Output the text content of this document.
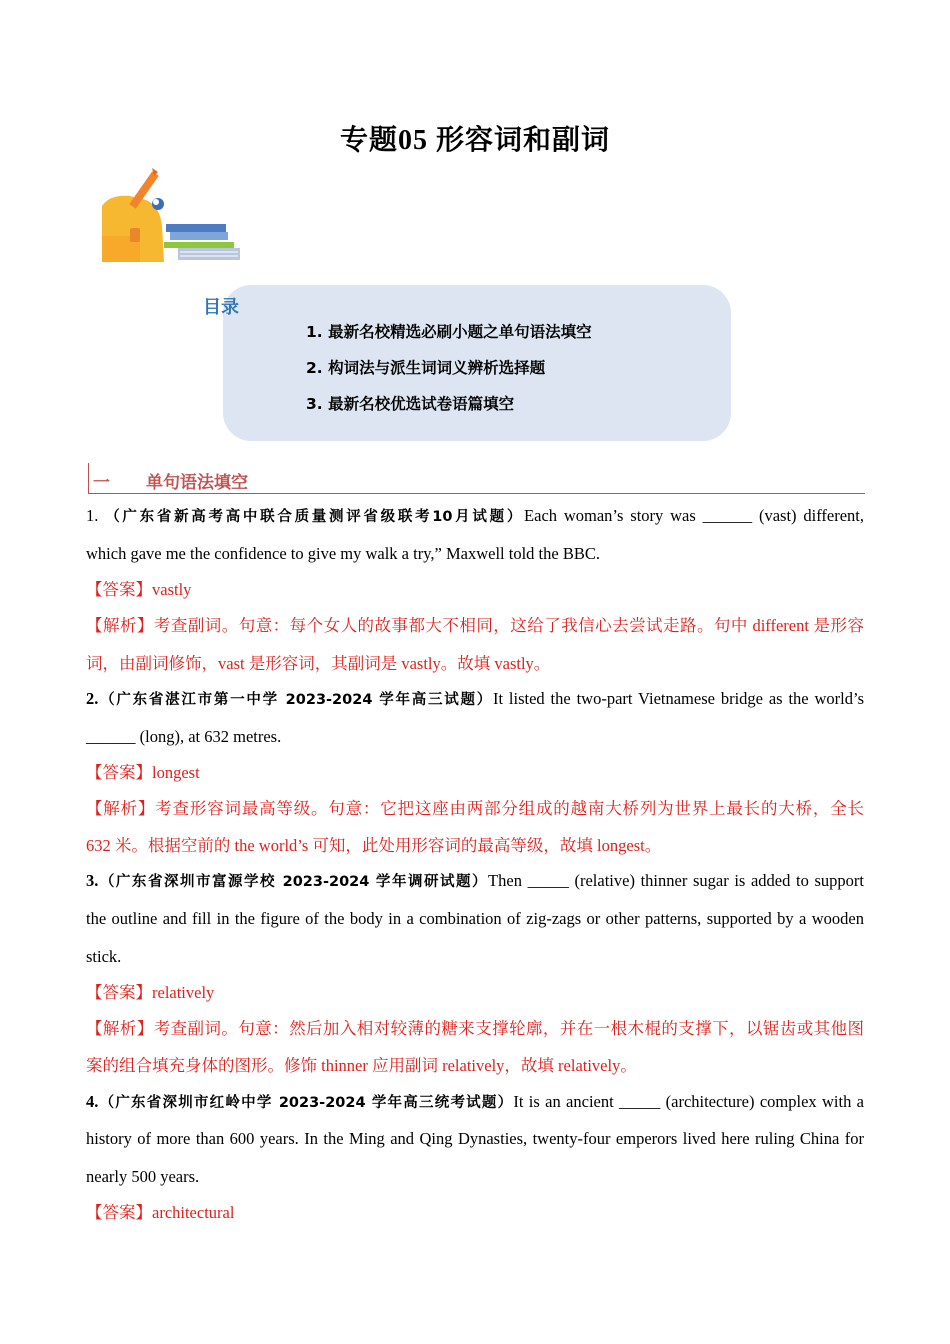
专题05 形容词和副词
目录
1. 最新名校精选必刷小题之单句语法填空
2. 构词法与派生词词义辨析选择题
3. 最新名校优选试卷语篇填空
一 单句语法填空
1. （广东省新高考高中联合质量测评省级联考10月试题）Each woman’s story was ______ (vast) different,
which gave me the confidence to give my walk a try,” Maxwell told the BBC.
【答案】vastly
【解析】考查副词。句意：每个女人的故事都大不相同，这给了我信心去尝试走路。句中 different 是形容
词，由副词修饰，vast 是形容词，其副词是 vastly。故填 vastly。
2.（广东省湛江市第一中学 2023-2024 学年高三试题）It listed the two-part Vietnamese bridge as the world’s
______ (long), at 632 metres.
【答案】longest
【解析】考查形容词最高等级。句意：它把这座由两部分组成的越南大桥列为世界上最长的大桥，全长
632 米。根据空前的 the world’s 可知，此处用形容词的最高等级，故填 longest。
3.（广东省深圳市富源学校 2023-2024 学年调研试题）Then _____ (relative) thinner sugar is added to support
the outline and fill in the figure of the body in a combination of zig-zags or other patterns, supported by a wooden
stick.
【答案】relatively
【解析】考查副词。句意：然后加入相对较薄的糖来支撑轮廓，并在一根木棍的支撑下，以锯齿或其他图
案的组合填充身体的图形。修饰 thinner 应用副词 relatively，故填 relatively。
4.（广东省深圳市红岭中学 2023-2024 学年高三统考试题）It is an ancient _____ (architecture) complex with a
history of more than 600 years. In the Ming and Qing Dynasties, twenty-four emperors lived here ruling China for
nearly 500 years.
【答案】architectural
